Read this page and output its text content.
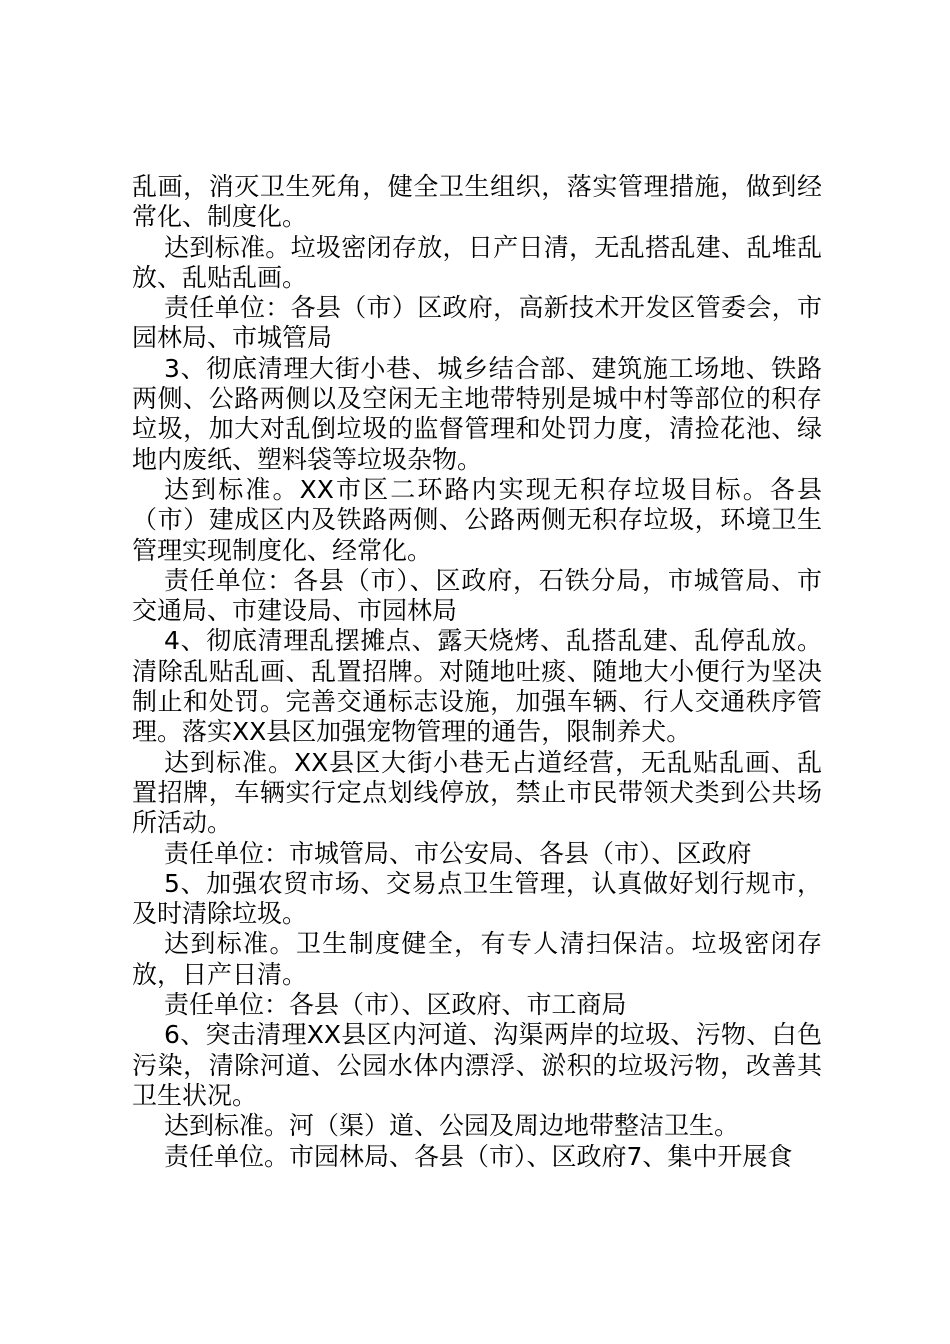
乱画，消灭卫生死角，健全卫生组织，落实管理措施，做到经常化、制度化。

达到标准。垃圾密闭存放，日产日清，无乱搭乱建、乱堆乱放、乱贴乱画。

责任单位：各县（市）区政府，高新技术开发区管委会，市园林局、市城管局

3、彻底清理大街小巷、城乡结合部、建筑施工场地、铁路两侧、公路两侧以及空闲无主地带特别是城中村等部位的积存垃圾，加大对乱倒垃圾的监督管理和处罚力度，清捡花池、绿地内废纸、塑料袋等垃圾杂物。

达到标准。XX市区二环路内实现无积存垃圾目标。各县（市）建成区内及铁路两侧、公路两侧无积存垃圾，环境卫生管理实现制度化、经常化。

责任单位：各县（市）、区政府，石铁分局，市城管局、市交通局、市建设局、市园林局

4、彻底清理乱摆摊点、露天烧烤、乱搭乱建、乱停乱放。清除乱贴乱画、乱置招牌。对随地吐痰、随地大小便行为坚决制止和处罚。完善交通标志设施，加强车辆、行人交通秩序管理。落实XX县区加强宠物管理的通告，限制养犬。

达到标准。XX县区大街小巷无占道经营，无乱贴乱画、乱置招牌，车辆实行定点划线停放，禁止市民带领犬类到公共场所活动。

责任单位：市城管局、市公安局、各县（市）、区政府

5、加强农贸市场、交易点卫生管理，认真做好划行规市，及时清除垃圾。

达到标准。卫生制度健全，有专人清扫保洁。垃圾密闭存放，日产日清。

责任单位：各县（市）、区政府、市工商局

6、突击清理XX县区内河道、沟渠两岸的垃圾、污物、白色污染，清除河道、公园水体内漂浮、淤积的垃圾污物，改善其卫生状况。

达到标准。河（渠）道、公园及周边地带整洁卫生。

责任单位。市园林局、各县（市）、区政府7、集中开展食
